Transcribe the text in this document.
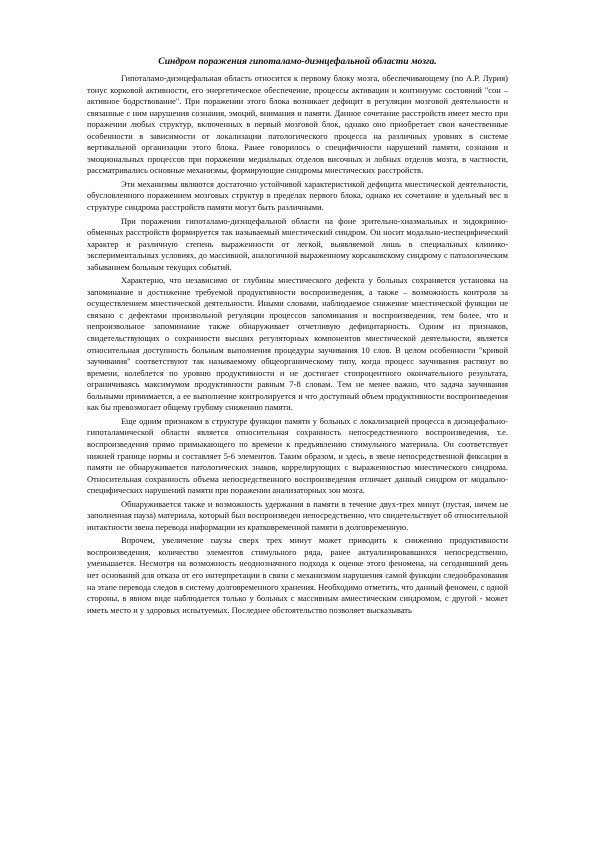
Синдром поражения гипоталамо-диэнцефальной области мозга.

Гипоталамо-диэнцефальная область относится к первому блоку мозга, обеспечивающему (по А.Р. Лурия) тонус корковой активности, его энергетическое обеспечение, процессы активации и континуумс состояний "сон – активное бодрствование". При поражении этого блока возникает дефицит в регуляции мозговой деятельности и связанные с ним нарушения сознания, эмоций, внимания и памяти. Данное сочетание расстройств имеет место при поражении любых структур, включенных в первый мозговой блок, однако оно приобретает свои качественные особенности в зависимости от локализации патологического процесса на различных уровнях в системе вертикальной организации этого блока. Ранее говорилось о специфичности нарушений памяти, сознания и эмоциональных процессов при поражении медиальных отделов височных и лобных отделов мозга, в частности, рассматривались основные механизмы, формирующие синдромы мнестических расстройств.

Эти механизмы являются достаточно устойчивой характеристикой дефицита мнестической деятельности, обусловленного поражением мозговых структур в пределах первого блока, однако их сочетание и удельный вес в структуре синдрома расстройств памяти могут быть различными.

При поражении гипоталамо-диэнцефальной области на фоне зрительно-хиазмальных и эндокринно-обменных расстройств формируется так называемый мнестический синдром. Он носит модально-неспецифический характер и различную степень выраженности от легкой, выявляемой лишь в специальных клинико-экспериментальных условиях, до массивной, аналогичной выраженному корсаковскому синдрому с патологическим забыванием больным текущих событий.

Характерно, что независимо от глубины мнестического дефекта у больных сохраняется установка на запоминание и достижение требуемой продуктивности воспроизведения, а также – возможность контроля за осуществлением мнестической деятельности. Иными словами, наблюдаемое снижение мнестической функции не связано с дефектами произвольной регуляции процессов запоминания и воспроизведения, тем более, что и непроизвольное запоминание также обнаруживает отчетливую дефицитарность. Одним из признаков, свидетельствующих о сохранности высших регуляторных компонентов мнестической деятельности, является относительная доступность больным выполнения процедуры заучивания 10 слов. В целом особенности "кривой заучивания" соответствуют так называемому общеорганическому типу, когда процесс заучивания растянут во времени, колеблется по уровню продуктивности и не достигает стопроцентного окончательного результата, ограничиваясь максимумом продуктивности равным 7-8 словам. Тем не менее важно, что задача заучивания больными принимается, а ее выполнение контролируется и что доступный объем продуктивности воспроизведения как бы превозмогает общему грубому снижению памяти.

Еще одним признаком в структуре функции памяти у больных с локализацией процесса в диэнцефально-гипоталамической области является относительная сохранность непосредственного воспроизведения, т.е. воспроизведения прямо примыкающего по времени к предъявлению стимульного материала. Он соответствует нижней границе нормы и составляет 5-6 элементов. Таким образом, и здесь, в звене непосредственной фиксации в памяти не обнаруживается патологических знаков, коррелирующих с выраженностью мнестического синдрома. Относительная сохранность объема непосредственного воспроизведения отличает данный синдром от модально-специфических нарушений памяти при поражении анализаторных зон мозга.

Обнаруживается также и возможность удержания в памяти в течение двух-трех минут (пустая, ничем не заполненная пауза) материала, который был воспроизведен непосредственно, что свидетельствует об относительной интактности звена перевода информации из кратковременной памяти в долговременную.

Впрочем, увеличение паузы сверх трех минут может приводить к снижению продуктивности воспроизведения, количество элементов стимульного ряда, ранее актуализировавшихся непосредственно, уменьшается. Несмотря на возможность неоднозначного подхода к оценке этого феномена, на сегодняшний день нет оснований для отказа от его интерпретации в связи с механизмом нарушения самой функции следообразования на этапе перевода следов в систему долговременного хранения. Необходимо отметить, что данный феномен, с одной стороны, в явном виде наблюдается только у больных с массивным амнестическим синдромом, с другой - может иметь место и у здоровых испытуемых. Последнее обстоятельство позволяет высказывать
